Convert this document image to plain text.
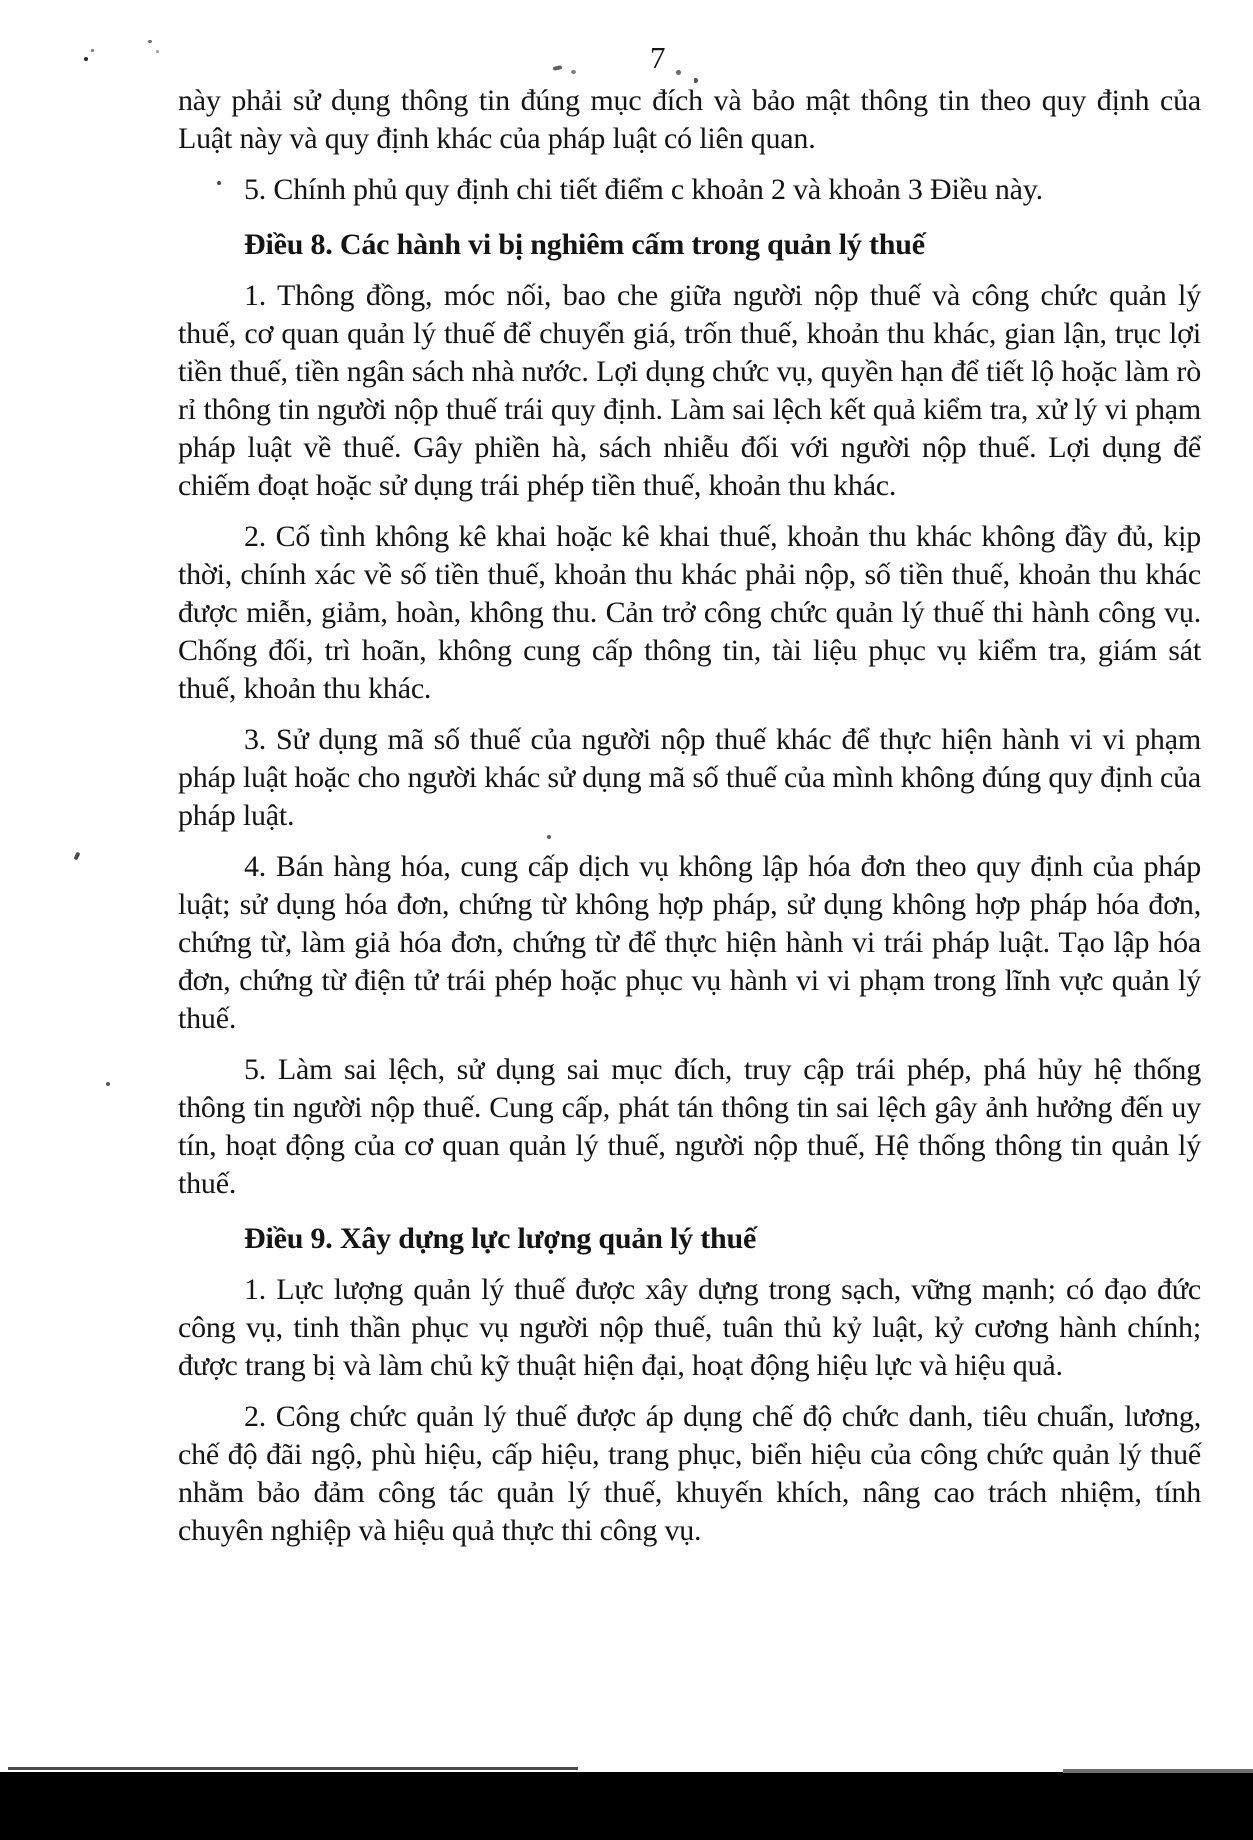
7

này phải sử dụng thông tin đúng mục đích và bảo mật thông tin theo quy định của Luật này và quy định khác của pháp luật có liên quan.

5. Chính phủ quy định chi tiết điểm c khoản 2 và khoản 3 Điều này.

Điều 8. Các hành vi bị nghiêm cấm trong quản lý thuế

1. Thông đồng, móc nối, bao che giữa người nộp thuế và công chức quản lý thuế, cơ quan quản lý thuế để chuyển giá, trốn thuế, khoản thu khác, gian lận, trục lợi tiền thuế, tiền ngân sách nhà nước. Lợi dụng chức vụ, quyền hạn để tiết lộ hoặc làm rò rỉ thông tin người nộp thuế trái quy định. Làm sai lệch kết quả kiểm tra, xử lý vi phạm pháp luật về thuế. Gây phiền hà, sách nhiễu đối với người nộp thuế. Lợi dụng để chiếm đoạt hoặc sử dụng trái phép tiền thuế, khoản thu khác.

2. Cố tình không kê khai hoặc kê khai thuế, khoản thu khác không đầy đủ, kịp thời, chính xác về số tiền thuế, khoản thu khác phải nộp, số tiền thuế, khoản thu khác được miễn, giảm, hoàn, không thu. Cản trở công chức quản lý thuế thi hành công vụ. Chống đối, trì hoãn, không cung cấp thông tin, tài liệu phục vụ kiểm tra, giám sát thuế, khoản thu khác.

3. Sử dụng mã số thuế của người nộp thuế khác để thực hiện hành vi vi phạm pháp luật hoặc cho người khác sử dụng mã số thuế của mình không đúng quy định của pháp luật.

4. Bán hàng hóa, cung cấp dịch vụ không lập hóa đơn theo quy định của pháp luật; sử dụng hóa đơn, chứng từ không hợp pháp, sử dụng không hợp pháp hóa đơn, chứng từ, làm giả hóa đơn, chứng từ để thực hiện hành vi trái pháp luật. Tạo lập hóa đơn, chứng từ điện tử trái phép hoặc phục vụ hành vi vi phạm trong lĩnh vực quản lý thuế.

5. Làm sai lệch, sử dụng sai mục đích, truy cập trái phép, phá hủy hệ thống thông tin người nộp thuế. Cung cấp, phát tán thông tin sai lệch gây ảnh hưởng đến uy tín, hoạt động của cơ quan quản lý thuế, người nộp thuế, Hệ thống thông tin quản lý thuế.

Điều 9. Xây dựng lực lượng quản lý thuế

1. Lực lượng quản lý thuế được xây dựng trong sạch, vững mạnh; có đạo đức công vụ, tinh thần phục vụ người nộp thuế, tuân thủ kỷ luật, kỷ cương hành chính; được trang bị và làm chủ kỹ thuật hiện đại, hoạt động hiệu lực và hiệu quả.

2. Công chức quản lý thuế được áp dụng chế độ chức danh, tiêu chuẩn, lương, chế độ đãi ngộ, phù hiệu, cấp hiệu, trang phục, biển hiệu của công chức quản lý thuế nhằm bảo đảm công tác quản lý thuế, khuyến khích, nâng cao trách nhiệm, tính chuyên nghiệp và hiệu quả thực thi công vụ.
